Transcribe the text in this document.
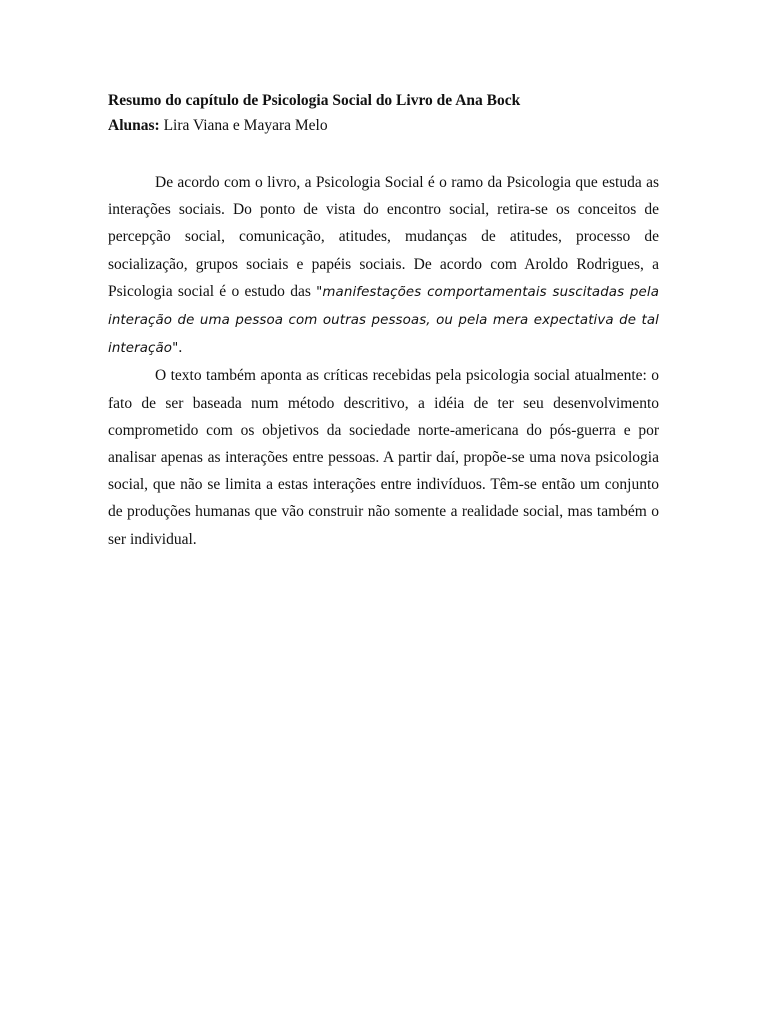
Resumo do capítulo de Psicologia Social do Livro de Ana Bock

Alunas: Lira Viana e Mayara Melo

De acordo com o livro, a Psicologia Social é o ramo da Psicologia que estuda as interações sociais. Do ponto de vista do encontro social, retira-se os conceitos de percepção social, comunicação, atitudes, mudanças de atitudes, processo de socialização, grupos sociais e papéis sociais. De acordo com Aroldo Rodrigues, a Psicologia social é o estudo das "manifestações comportamentais suscitadas pela interação de uma pessoa com outras pessoas, ou pela mera expectativa de tal interação".

O texto também aponta as críticas recebidas pela psicologia social atualmente: o fato de ser baseada num método descritivo, a idéia de ter seu desenvolvimento comprometido com os objetivos da sociedade norte-americana do pós-guerra e por analisar apenas as interações entre pessoas. A partir daí, propõe-se uma nova psicologia social, que não se limita a estas interações entre indivíduos. Têm-se então um conjunto de produções humanas que vão construir não somente a realidade social, mas também o ser individual.
